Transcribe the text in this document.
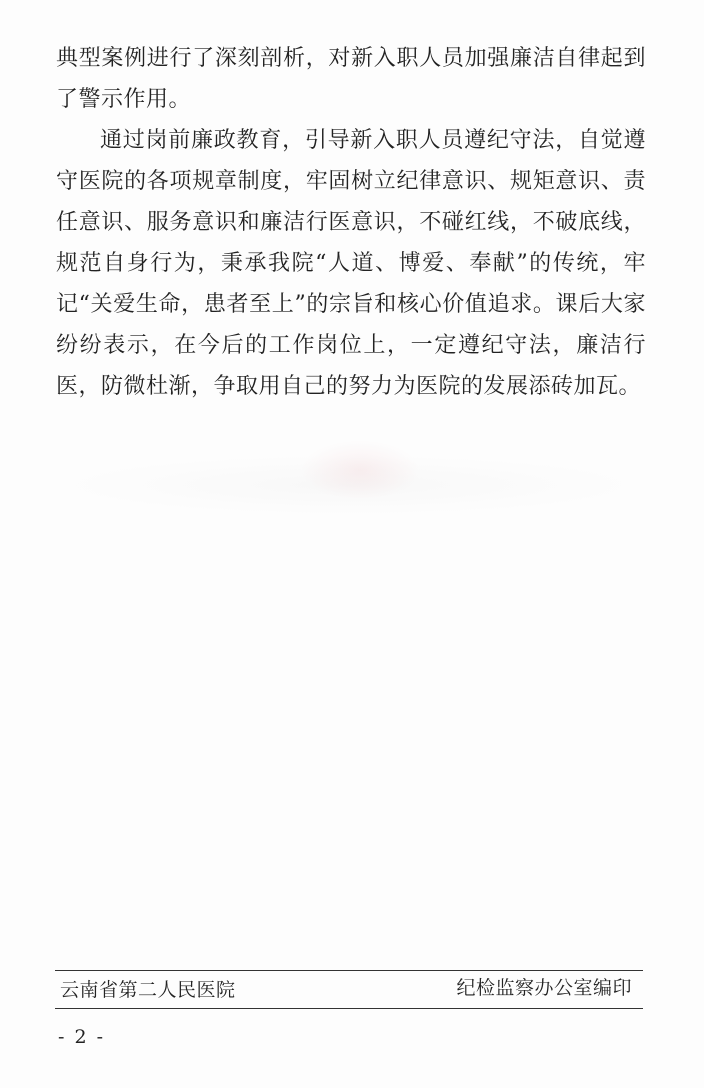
典型案例进行了深刻剖析，对新入职人员加强廉洁自律起到了警示作用。

通过岗前廉政教育，引导新入职人员遵纪守法，自觉遵守医院的各项规章制度，牢固树立纪律意识、规矩意识、责任意识、服务意识和廉洁行医意识，不碰红线，不破底线，规范自身行为，秉承我院“人道、博爱、奉献”的传统，牢记“关爱生命，患者至上”的宗旨和核心价值追求。课后大家纷纷表示，在今后的工作岗位上，一定遵纪守法，廉洁行医，防微杜渐，争取用自己的努力为医院的发展添砖加瓦。

云南省第二人民医院	纪检监察办公室编印
- 2 -
